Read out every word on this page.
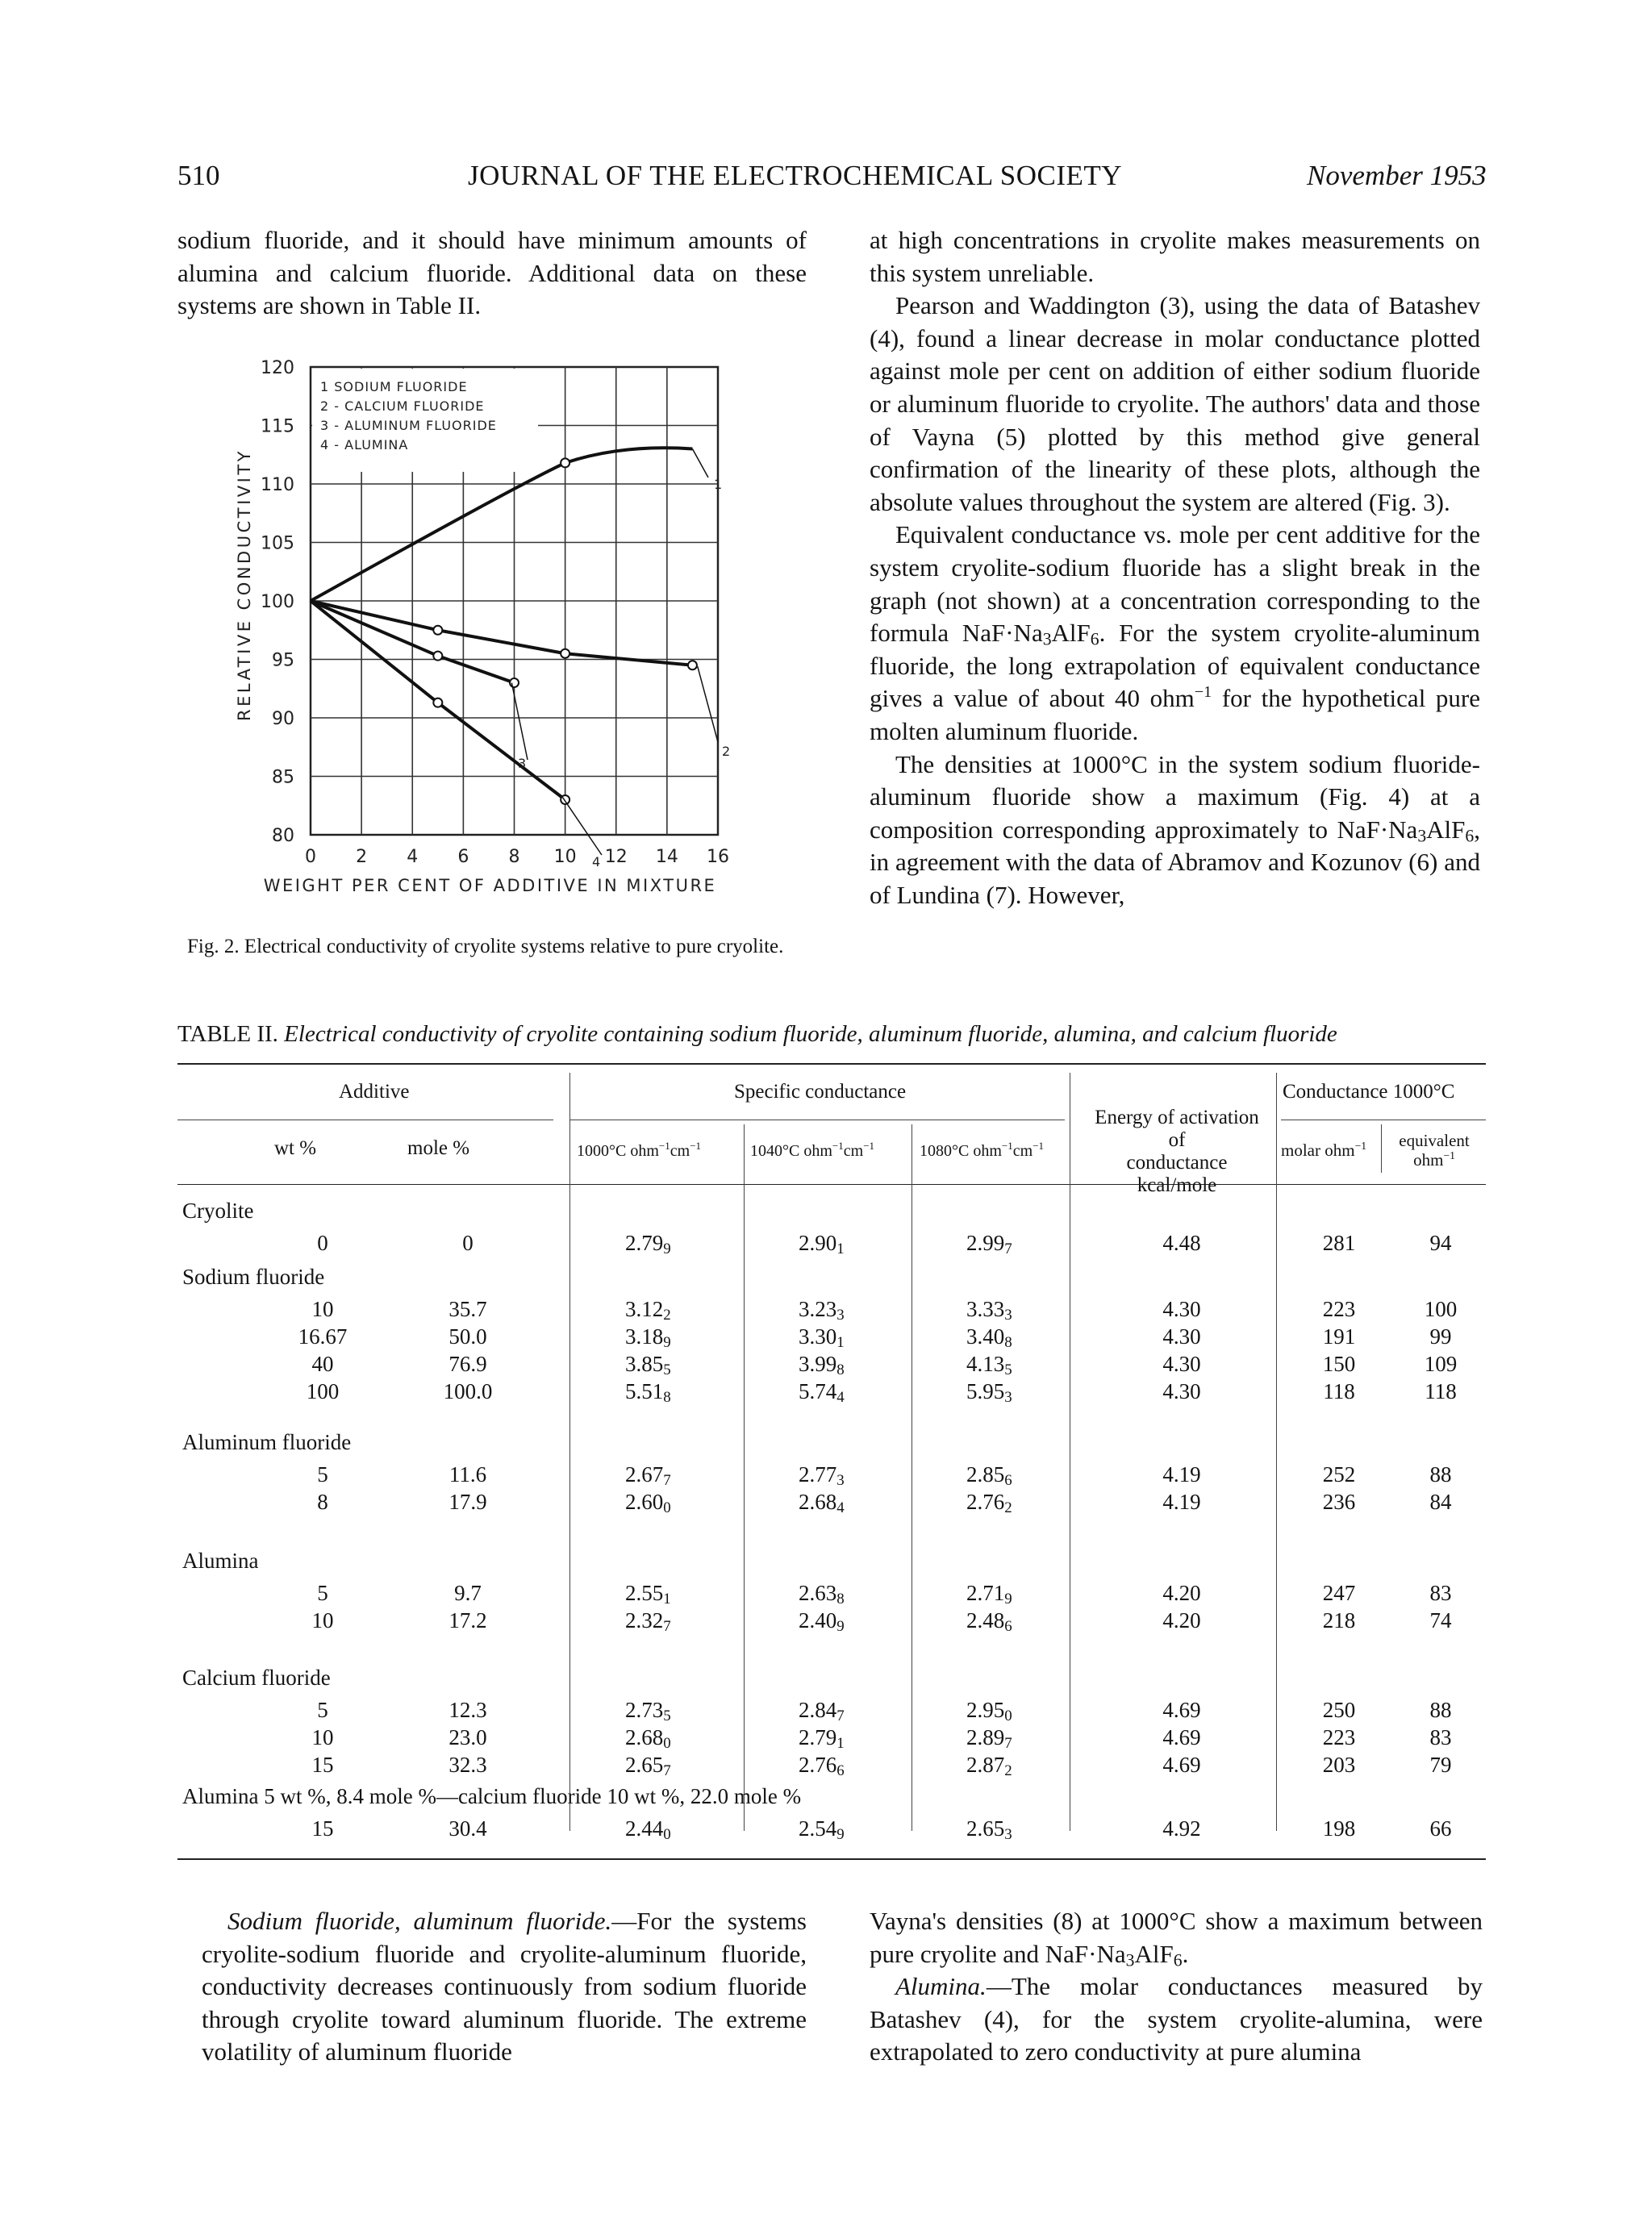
510	JOURNAL OF THE ELECTROCHEMICAL SOCIETY	November 1953

sodium fluoride, and it should have minimum amounts of alumina and calcium fluoride. Additional data on these systems are shown in Table II.

80
85
90
95
100
105
110
115
120
0 2 4 6 8 10 12 14 16
WEIGHT PER CENT OF ADDITIVE IN MIXTURE
RELATIVE CONDUCTIVITY
1 SODIUM FLUORIDE
2 - CALCIUM FLUORIDE
3 - ALUMINUM FLUORIDE
4 - ALUMINA
1
2
3
4
Fig. 2. Electrical conductivity of cryolite systems relative to pure cryolite.

at high concentrations in cryolite makes measurements on this system unreliable.

Pearson and Waddington (3), using the data of Batashev (4), found a linear decrease in molar conductance plotted against mole per cent on addition of either sodium fluoride or aluminum fluoride to cryolite. The authors' data and those of Vayna (5) plotted by this method give general confirmation of the linearity of these plots, although the absolute values throughout the system are altered (Fig. 3).

Equivalent conductance vs. mole per cent additive for the system cryolite-sodium fluoride has a slight break in the graph (not shown) at a concentration corresponding to the formula $NaF\cdot Na_3AlF_6$. For the system cryolite-aluminum fluoride, the long extrapolation of equivalent conductance gives a value of about 40 ohm$^{-1}$ for the hypothetical pure molten aluminum fluoride.

The densities at 1000°C in the system sodium fluoride-aluminum fluoride show a maximum (Fig. 4) at a composition corresponding approximately to $NaF\cdot Na_3AlF_6$, in agreement with the data of Abramov and Kozunov (6) and of Lundina (7). However,

TABLE II. Electrical conductivity of cryolite containing sodium fluoride, aluminum fluoride, alumina, and calcium fluoride
Additive	Specific conductance	Conductance 1000°C
Energy of activation of
conductance kcal/mole
wt %	mole %	1000°C $ohm^{-1}cm^{-1}$	1040°C $ohm^{-1}cm^{-1}$	1080°C $ohm^{-1}cm^{-1}$	molar ohm$^{-1}$	equivalent
ohm$^{-1}$
Cryolite
0	0	$2.79_9$	$2.90_1$	$2.99_7$	4.48	281	94
Sodium fluoride
10	35.7	$3.12_2$	$3.23_3$	$3.33_3$	4.30	223	100
16.67	50.0	$3.18_9$	$3.30_1$	$3.40_8$	4.30	191	99
40	76.9	$3.85_5$	$3.99_8$	$4.13_5$	4.30	150	109
100	100.0	$5.51_8$	$5.74_4$	$5.95_3$	4.30	118	118
Aluminum fluoride
5	11.6	$2.67_7$	$2.77_3$	$2.85_6$	4.19	252	88
8	17.9	$2.60_0$	$2.68_4$	$2.76_2$	4.19	236	84
Alumina
5	9.7	$2.55_1$	$2.63_8$	$2.71_9$	4.20	247	83
10	17.2	$2.32_7$	$2.40_9$	$2.48_6$	4.20	218	74
Calcium fluoride
5	12.3	$2.73_5$	$2.84_7$	$2.95_0$	4.69	250	88
10	23.0	$2.68_0$	$2.79_1$	$2.89_7$	4.69	223	83
15	32.3	$2.65_7$	$2.76_6$	$2.87_2$	4.69	203	79
Alumina 5 wt %, 8.4 mole %—calcium fluoride 10 wt %, 22.0 mole %
15	30.4	$2.44_0$	$2.54_9$	$2.65_3$	4.92	198	66

Sodium fluoride, aluminum fluoride.—For the systems cryolite-sodium fluoride and cryolite-aluminum fluoride, conductivity decreases continuously from sodium fluoride through cryolite toward aluminum fluoride. The extreme volatility of aluminum fluoride

Vayna's densities (8) at 1000°C show a maximum between pure cryolite and $NaF\cdot Na_3AlF_6$.

Alumina.—The molar conductances measured by Batashev (4), for the system cryolite-alumina, were extrapolated to zero conductivity at pure alumina
